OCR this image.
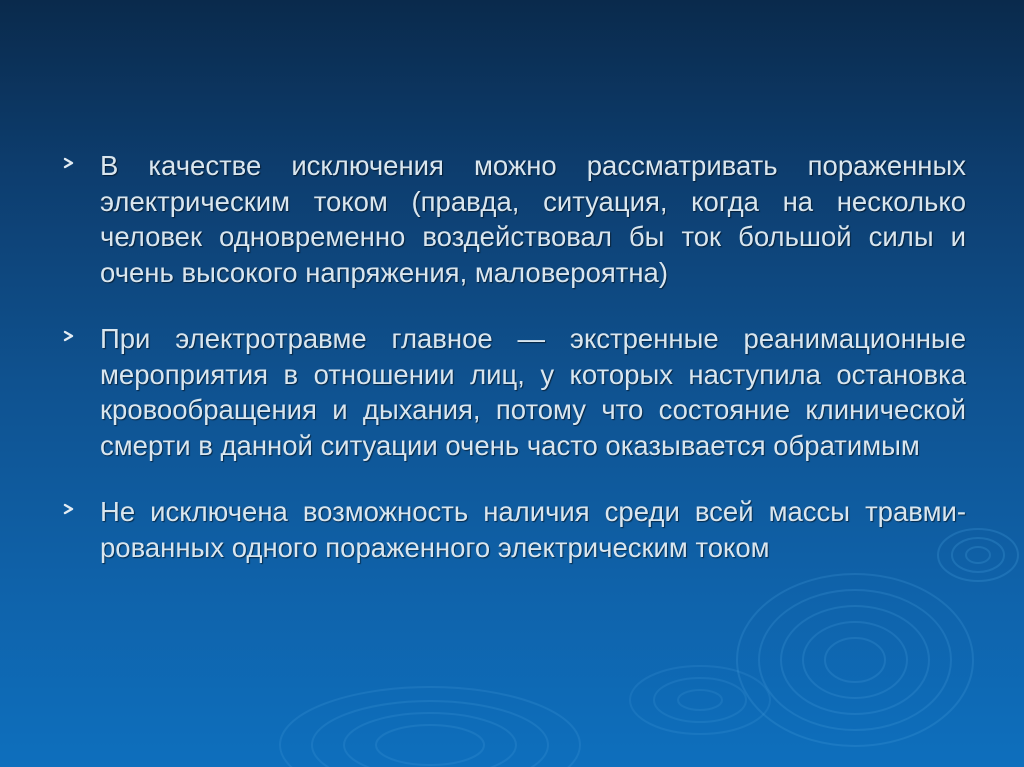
В качестве исключения можно рассматривать пораженных электрическим током (правда, ситуация, когда на несколько человек одновременно воздействовал бы ток большой силы и очень высокого напряжения, маловероятна)
При электротравме главное — экстренные реанимационные мероприятия в отношении лиц, у которых наступила остановка кровообращения и дыхания, потому что состояние клинической смерти в данной ситуации очень часто оказывается обратимым
Не исключена возможность наличия среди всей массы травми-рованных одного пораженного электрическим током
